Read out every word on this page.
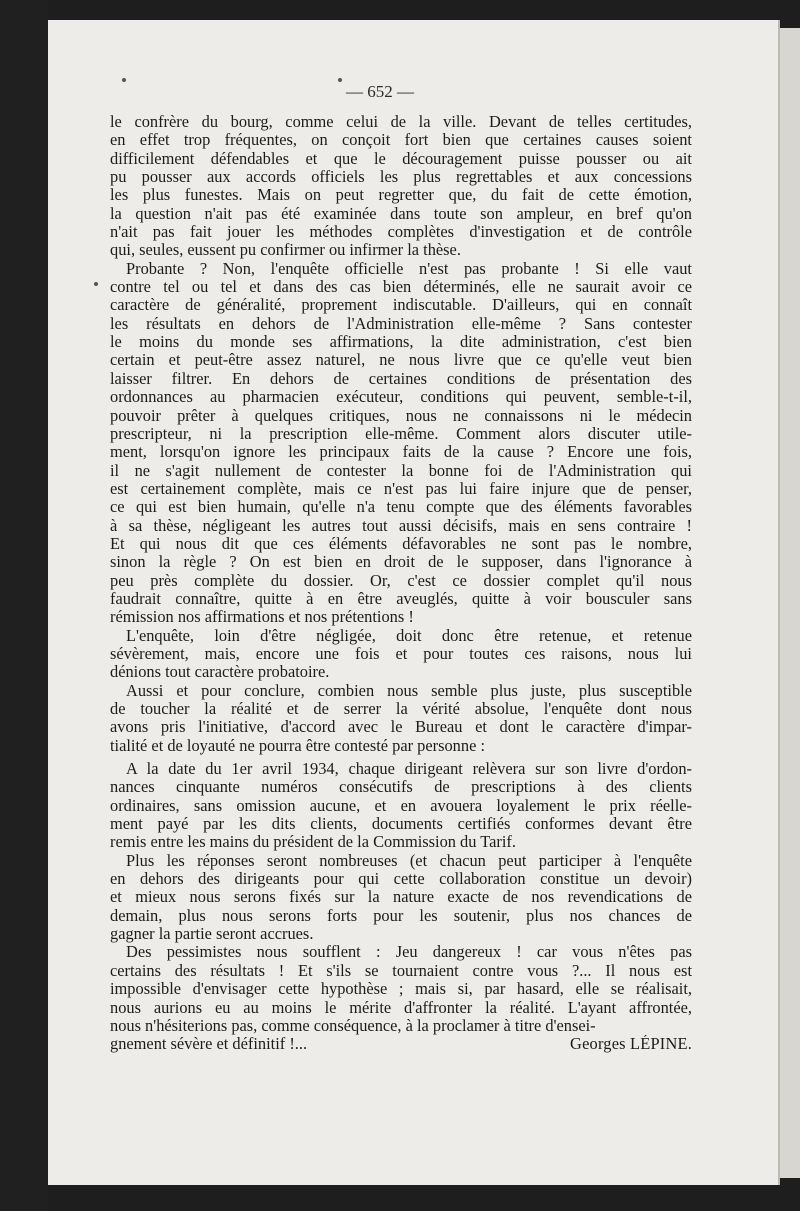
— 652 —
le confrère du bourg, comme celui de la ville. Devant de telles certitudes,
en effet trop fréquentes, on conçoit fort bien que certaines causes soient
difficilement défendables et que le découragement puisse pousser ou ait
pu pousser aux accords officiels les plus regrettables et aux concessions
les plus funestes. Mais on peut regretter que, du fait de cette émotion,
la question n'ait pas été examinée dans toute son ampleur, en bref qu'on
n'ait pas fait jouer les méthodes complètes d'investigation et de contrôle
qui, seules, eussent pu confirmer ou infirmer la thèse.
Probante ? Non, l'enquête officielle n'est pas probante ! Si elle vaut
contre tel ou tel et dans des cas bien déterminés, elle ne saurait avoir ce
caractère de généralité, proprement indiscutable. D'ailleurs, qui en connaît
les résultats en dehors de l'Administration elle-même ? Sans contester
le moins du monde ses affirmations, la dite administration, c'est bien
certain et peut-être assez naturel, ne nous livre que ce qu'elle veut bien
laisser filtrer. En dehors de certaines conditions de présentation des
ordonnances au pharmacien exécuteur, conditions qui peuvent, semble-t-il,
pouvoir prêter à quelques critiques, nous ne connaissons ni le médecin
prescripteur, ni la prescription elle-même. Comment alors discuter utile-
ment, lorsqu'on ignore les principaux faits de la cause ? Encore une fois,
il ne s'agit nullement de contester la bonne foi de l'Administration qui
est certainement complète, mais ce n'est pas lui faire injure que de penser,
ce qui est bien humain, qu'elle n'a tenu compte que des éléments favorables
à sa thèse, négligeant les autres tout aussi décisifs, mais en sens contraire !
Et qui nous dit que ces éléments défavorables ne sont pas le nombre,
sinon la règle ? On est bien en droit de le supposer, dans l'ignorance à
peu près complète du dossier. Or, c'est ce dossier complet qu'il nous
faudrait connaître, quitte à en être aveuglés, quitte à voir bousculer sans
rémission nos affirmations et nos prétentions !
L'enquête, loin d'être négligée, doit donc être retenue, et retenue
sévèrement, mais, encore une fois et pour toutes ces raisons, nous lui
dénions tout caractère probatoire.
Aussi et pour conclure, combien nous semble plus juste, plus susceptible
de toucher la réalité et de serrer la vérité absolue, l'enquête dont nous
avons pris l'initiative, d'accord avec le Bureau et dont le caractère d'impar-
tialité et de loyauté ne pourra être contesté par personne :
A la date du 1er avril 1934, chaque dirigeant relèvera sur son livre d'ordon-
nances cinquante numéros consécutifs de prescriptions à des clients
ordinaires, sans omission aucune, et en avouera loyalement le prix réelle-
ment payé par les dits clients, documents certifiés conformes devant être
remis entre les mains du président de la Commission du Tarif.
Plus les réponses seront nombreuses (et chacun peut participer à l'enquête
en dehors des dirigeants pour qui cette collaboration constitue un devoir)
et mieux nous serons fixés sur la nature exacte de nos revendications de
demain, plus nous serons forts pour les soutenir, plus nos chances de
gagner la partie seront accrues.
Des pessimistes nous soufflent : Jeu dangereux ! car vous n'êtes pas
certains des résultats ! Et s'ils se tournaient contre vous ?... Il nous est
impossible d'envisager cette hypothèse ; mais si, par hasard, elle se réalisait,
nous aurions eu au moins le mérite d'affronter la réalité. L'ayant affrontée,
nous n'hésiterions pas, comme conséquence, à la proclamer à titre d'ensei-
gnement sévère et définitif !...	Georges LÉPINE.
